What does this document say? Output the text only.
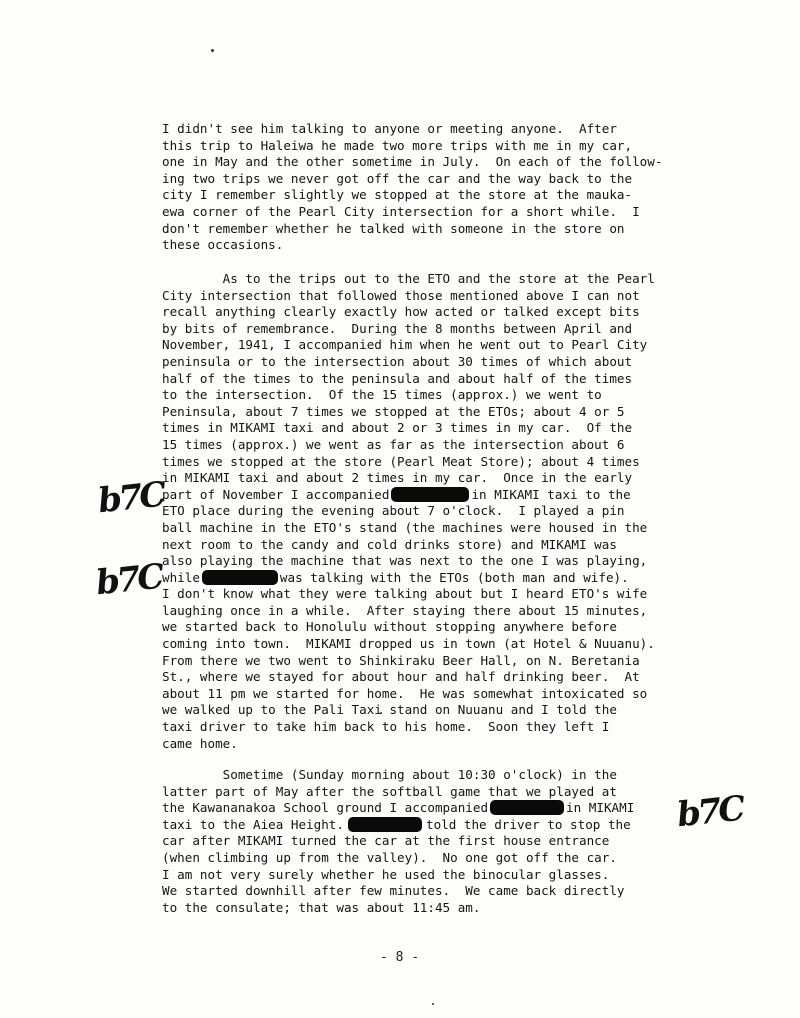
I didn't see him talking to anyone or meeting anyone.  After
this trip to Haleiwa he made two more trips with me in my car,
one in May and the other sometime in July.  On each of the follow-
ing two trips we never got off the car and the way back to the
city I remember slightly we stopped at the store at the mauka-
ewa corner of the Pearl City intersection for a short while.  I
don't remember whether he talked with someone in the store on
these occasions.
As to the trips out to the ETO and the store at the Pearl
City intersection that followed those mentioned above I can not
recall anything clearly exactly how acted or talked except bits
by bits of remembrance.  During the 8 months between April and
November, 1941, I accompanied him when he went out to Pearl City
peninsula or to the intersection about 30 times of which about
half of the times to the peninsula and about half of the times
to the intersection.  Of the 15 times (approx.) we went to
Peninsula, about 7 times we stopped at the ETOs; about 4 or 5
times in MIKAMI taxi and about 2 or 3 times in my car.  Of the
15 times (approx.) we went as far as the intersection about 6
times we stopped at the store (Pearl Meat Store); about 4 times
in MIKAMI taxi and about 2 times in my car.  Once in the early
part of November I accompanied	in MIKAMI taxi to the
ETO place during the evening about 7 o'clock.  I played a pin
ball machine in the ETO's stand (the machines were housed in the
next room to the candy and cold drinks store) and MIKAMI was
also playing the machine that was next to the one I was playing,
while	was talking with the ETOs (both man and wife).
I don't know what they were talking about but I heard ETO's wife
laughing once in a while.  After staying there about 15 minutes,
we started back to Honolulu without stopping anywhere before
coming into town.  MIKAMI dropped us in town (at Hotel & Nuuanu).
From there we two went to Shinkiraku Beer Hall, on N. Beretania
St., where we stayed for about hour and half drinking beer.  At
about 11 pm we started for home.  He was somewhat intoxicated so
we walked up to the Pali Taxi stand on Nuuanu and I told the
taxi driver to take him back to his home.  Soon they left I
came home.
Sometime (Sunday morning about 10:30 o'clock) in the
latter part of May after the softball game that we played at
the Kawananakoa School ground I accompanied	in MIKAMI
taxi to the Aiea Height.	told the driver to stop the
car after MIKAMI turned the car at the first house entrance
(when climbing up from the valley).  No one got off the car.
I am not very surely whether he used the binocular glasses.
We started downhill after few minutes.  We came back directly
to the consulate; that was about 11:45 am.
b7C
b7C
b7C
- 8 -
